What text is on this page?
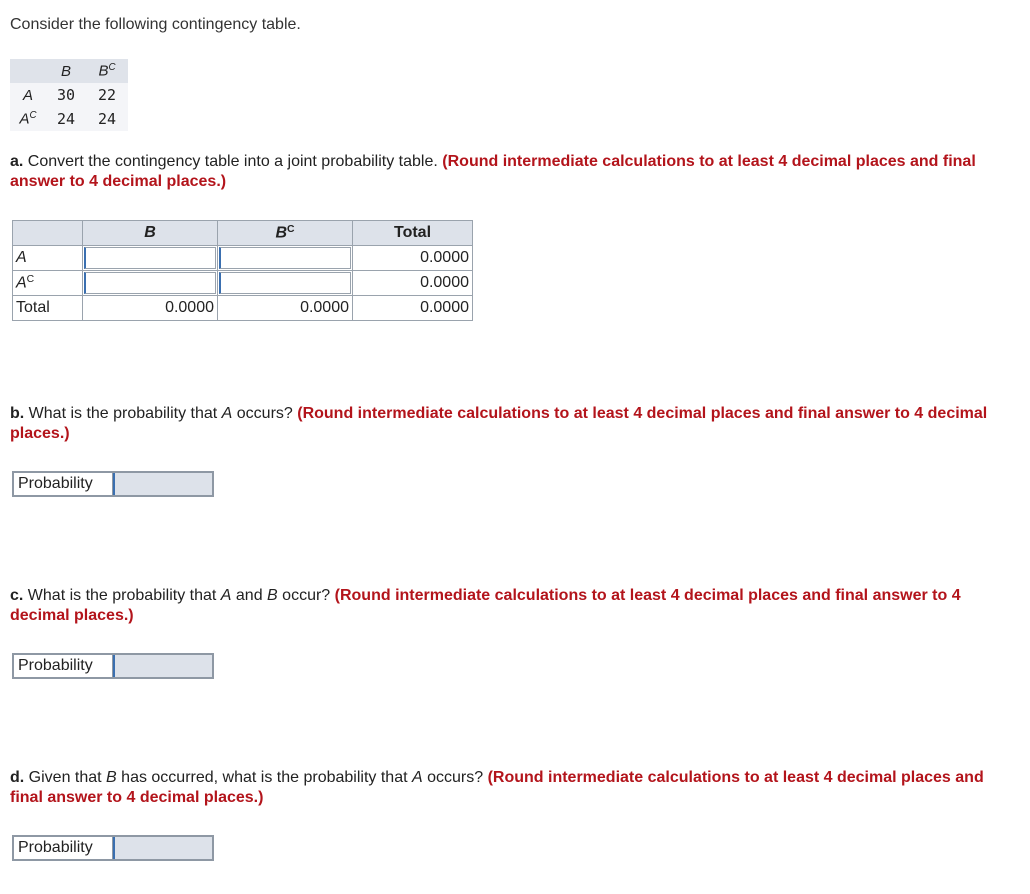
Consider the following contingency table.
	B	$B^C$
A	30	22
$A^C$	24	24
a. Convert the contingency table into a joint probability table. (Round intermediate calculations to at least 4 decimal places and final answer to 4 decimal places.)
	B	$B^C$	Total
A			0.0000
$A^C$			0.0000
Total	0.0000	0.0000	0.0000
b. What is the probability that A occurs? (Round intermediate calculations to at least 4 decimal places and final answer to 4 decimal places.)
Probability
c. What is the probability that A and B occur? (Round intermediate calculations to at least 4 decimal places and final answer to 4 decimal places.)
Probability
d. Given that B has occurred, what is the probability that A occurs? (Round intermediate calculations to at least 4 decimal places and final answer to 4 decimal places.)
Probability
